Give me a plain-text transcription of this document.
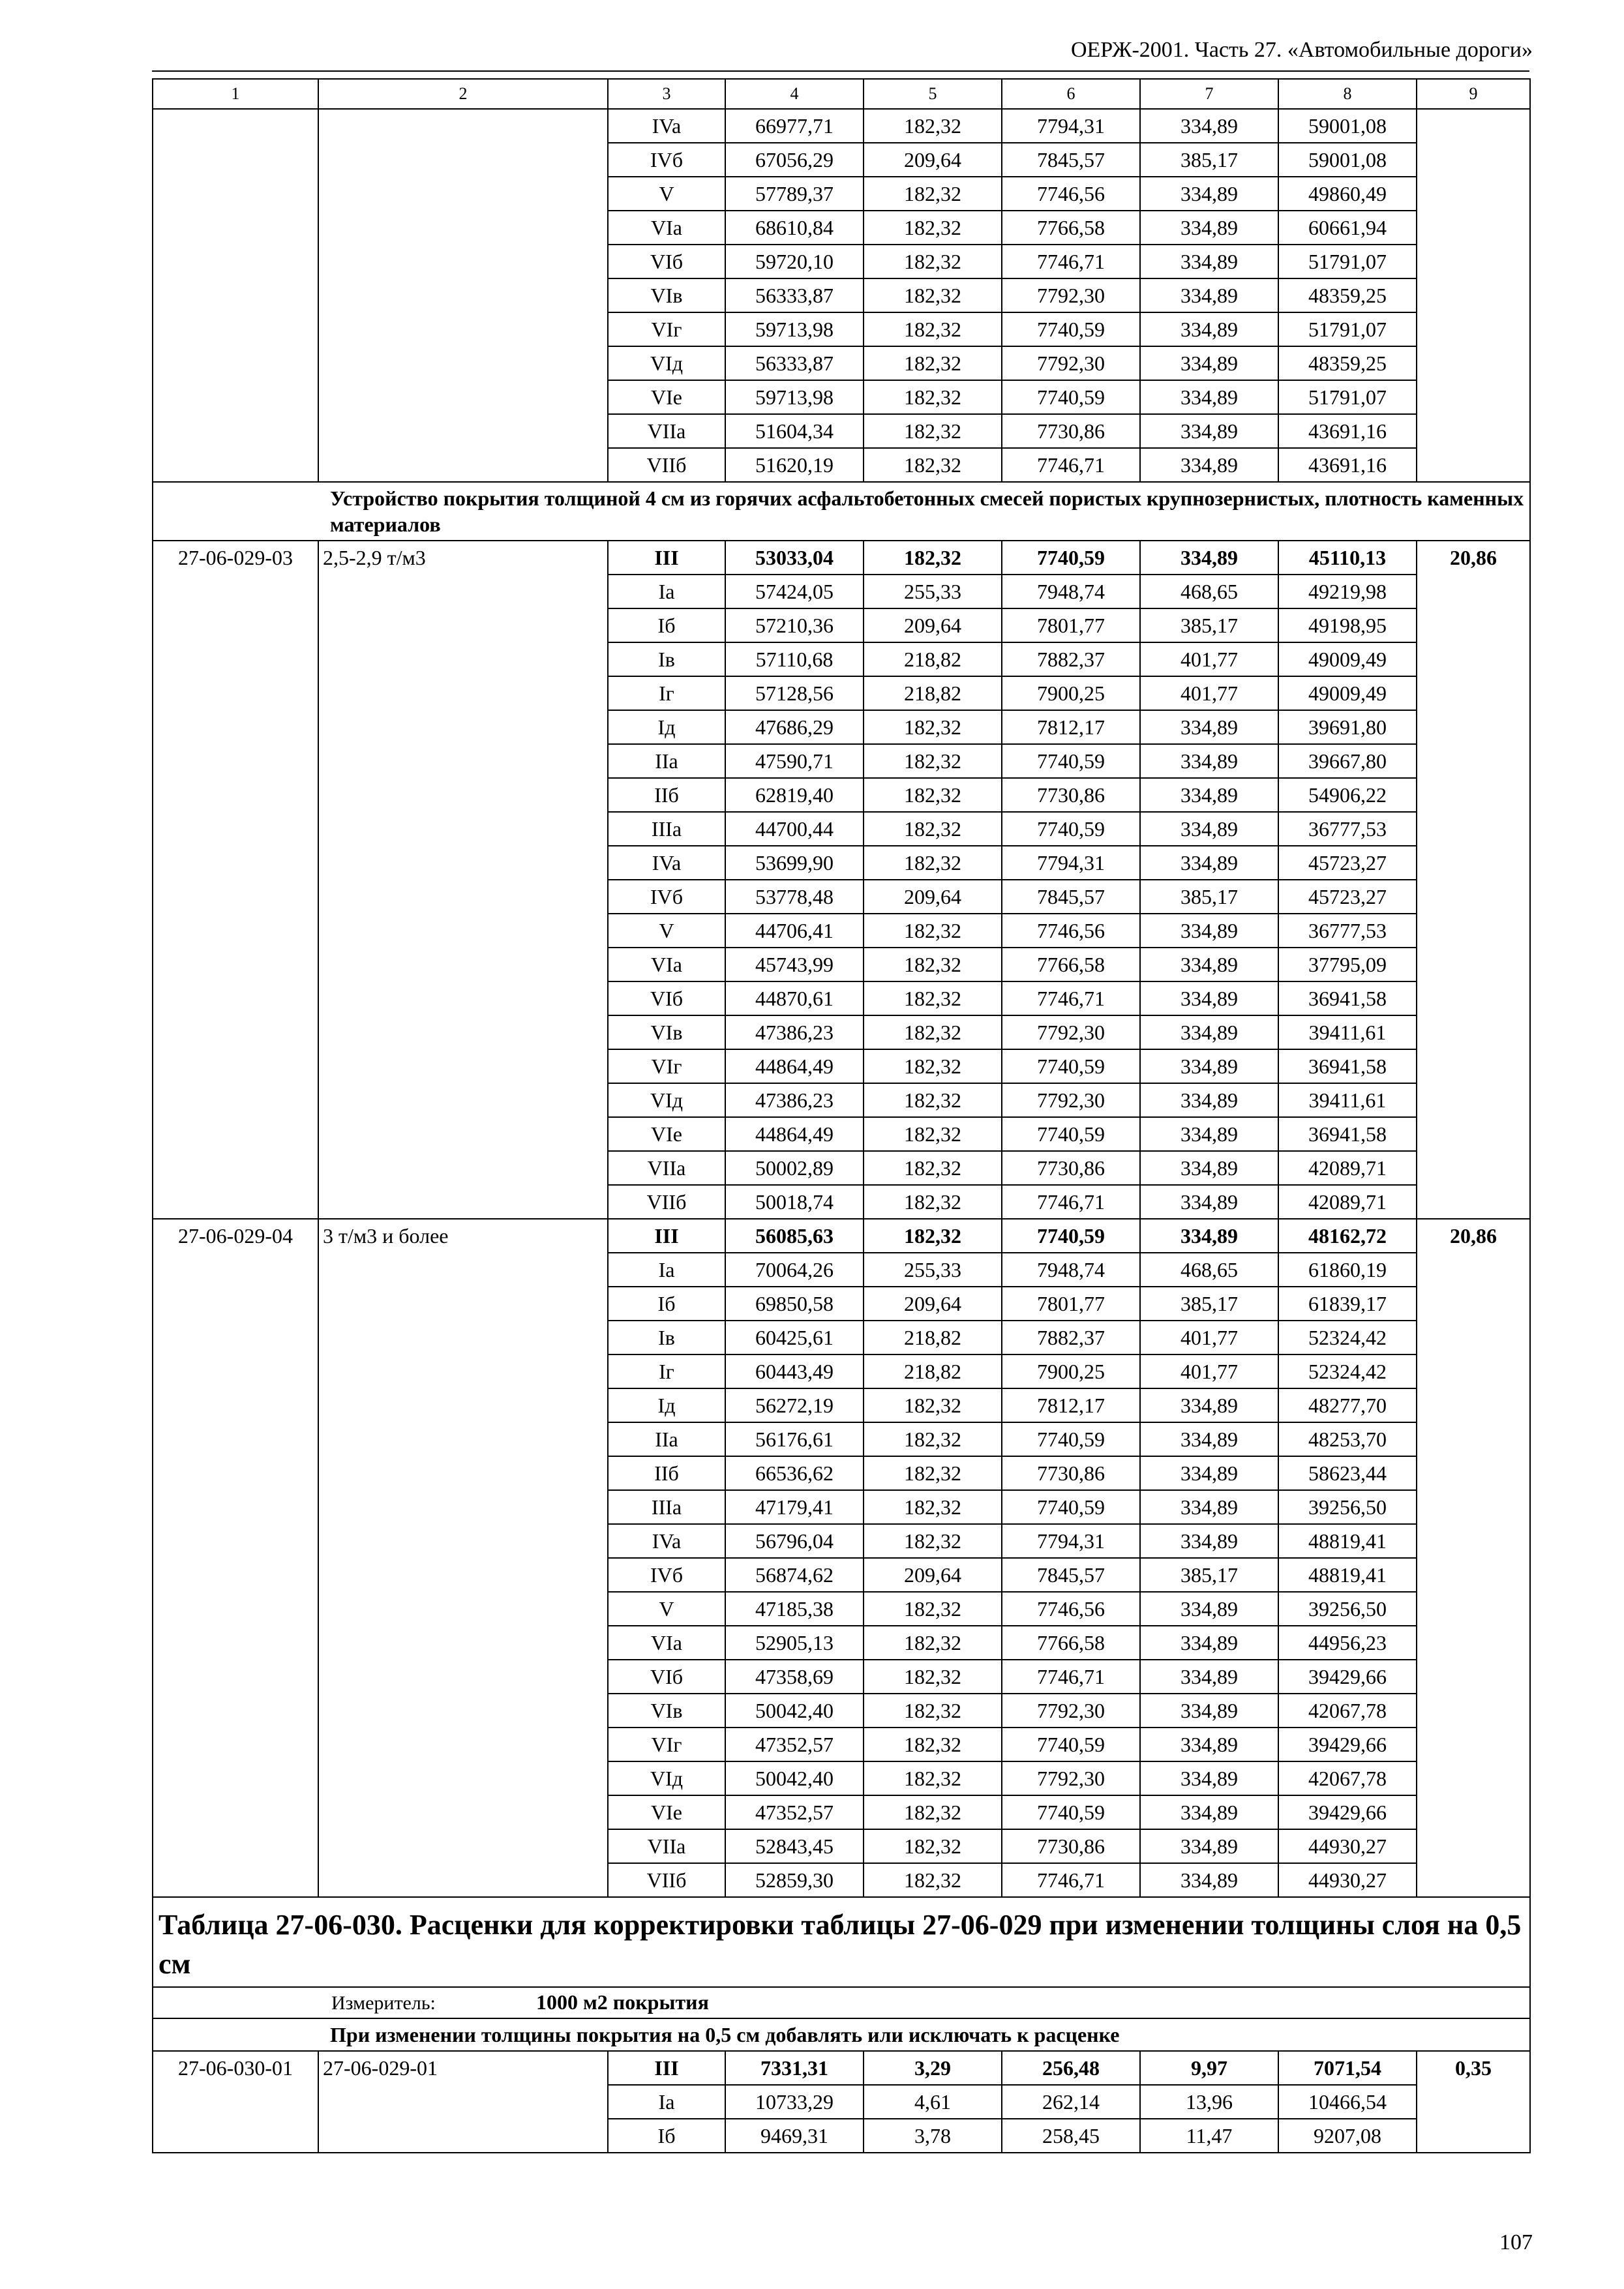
ОЕРЖ-2001. Часть 27. «Автомобильные дороги»
1	2	3	4	5	6	7	8	9
		IVa	66977,71	182,32	7794,31	334,89	59001,08	
		IVб	67056,29	209,64	7845,57	385,17	59001,08	
		V	57789,37	182,32	7746,56	334,89	49860,49	
		VIa	68610,84	182,32	7766,58	334,89	60661,94	
		VIб	59720,10	182,32	7746,71	334,89	51791,07	
		VIв	56333,87	182,32	7792,30	334,89	48359,25	
		VIг	59713,98	182,32	7740,59	334,89	51791,07	
		VIд	56333,87	182,32	7792,30	334,89	48359,25	
		VIe	59713,98	182,32	7740,59	334,89	51791,07	
		VIIa	51604,34	182,32	7730,86	334,89	43691,16	
		VIIб	51620,19	182,32	7746,71	334,89	43691,16	
Устройство покрытия толщиной 4 см из горячих асфальтобетонных смесей пористых крупнозернистых, плотность каменных материалов								
27-06-029-03	2,5-2,9 т/м3	III	53033,04	182,32	7740,59	334,89	45110,13	20,86
		Ia	57424,05	255,33	7948,74	468,65	49219,98	
		Iб	57210,36	209,64	7801,77	385,17	49198,95	
		Iв	57110,68	218,82	7882,37	401,77	49009,49	
		Iг	57128,56	218,82	7900,25	401,77	49009,49	
		Iд	47686,29	182,32	7812,17	334,89	39691,80	
		IIa	47590,71	182,32	7740,59	334,89	39667,80	
		IIб	62819,40	182,32	7730,86	334,89	54906,22	
		IIIa	44700,44	182,32	7740,59	334,89	36777,53	
		IVa	53699,90	182,32	7794,31	334,89	45723,27	
		IVб	53778,48	209,64	7845,57	385,17	45723,27	
		V	44706,41	182,32	7746,56	334,89	36777,53	
		VIa	45743,99	182,32	7766,58	334,89	37795,09	
		VIб	44870,61	182,32	7746,71	334,89	36941,58	
		VIв	47386,23	182,32	7792,30	334,89	39411,61	
		VIг	44864,49	182,32	7740,59	334,89	36941,58	
		VIд	47386,23	182,32	7792,30	334,89	39411,61	
		VIe	44864,49	182,32	7740,59	334,89	36941,58	
		VIIa	50002,89	182,32	7730,86	334,89	42089,71	
		VIIб	50018,74	182,32	7746,71	334,89	42089,71	
27-06-029-04	3 т/м3 и более	III	56085,63	182,32	7740,59	334,89	48162,72	20,86
		Ia	70064,26	255,33	7948,74	468,65	61860,19	
		Iб	69850,58	209,64	7801,77	385,17	61839,17	
		Iв	60425,61	218,82	7882,37	401,77	52324,42	
		Iг	60443,49	218,82	7900,25	401,77	52324,42	
		Iд	56272,19	182,32	7812,17	334,89	48277,70	
		IIa	56176,61	182,32	7740,59	334,89	48253,70	
		IIб	66536,62	182,32	7730,86	334,89	58623,44	
		IIIa	47179,41	182,32	7740,59	334,89	39256,50	
		IVa	56796,04	182,32	7794,31	334,89	48819,41	
		IVб	56874,62	209,64	7845,57	385,17	48819,41	
		V	47185,38	182,32	7746,56	334,89	39256,50	
		VIa	52905,13	182,32	7766,58	334,89	44956,23	
		VIб	47358,69	182,32	7746,71	334,89	39429,66	
		VIв	50042,40	182,32	7792,30	334,89	42067,78	
		VIг	47352,57	182,32	7740,59	334,89	39429,66	
		VIд	50042,40	182,32	7792,30	334,89	42067,78	
		VIe	47352,57	182,32	7740,59	334,89	39429,66	
		VIIa	52843,45	182,32	7730,86	334,89	44930,27	
		VIIб	52859,30	182,32	7746,71	334,89	44930,27	
Таблица 27-06-030. Расценки для корректировки таблицы 27-06-029 при изменении толщины слоя на 0,5 см								
Измеритель: 1000 м2 покрытия								
При изменении толщины покрытия на 0,5 см добавлять или исключать к расценке								
27-06-030-01	27-06-029-01	III	7331,31	3,29	256,48	9,97	7071,54	0,35
		Ia	10733,29	4,61	262,14	13,96	10466,54	
		Iб	9469,31	3,78	258,45	11,47	9207,08	
107
